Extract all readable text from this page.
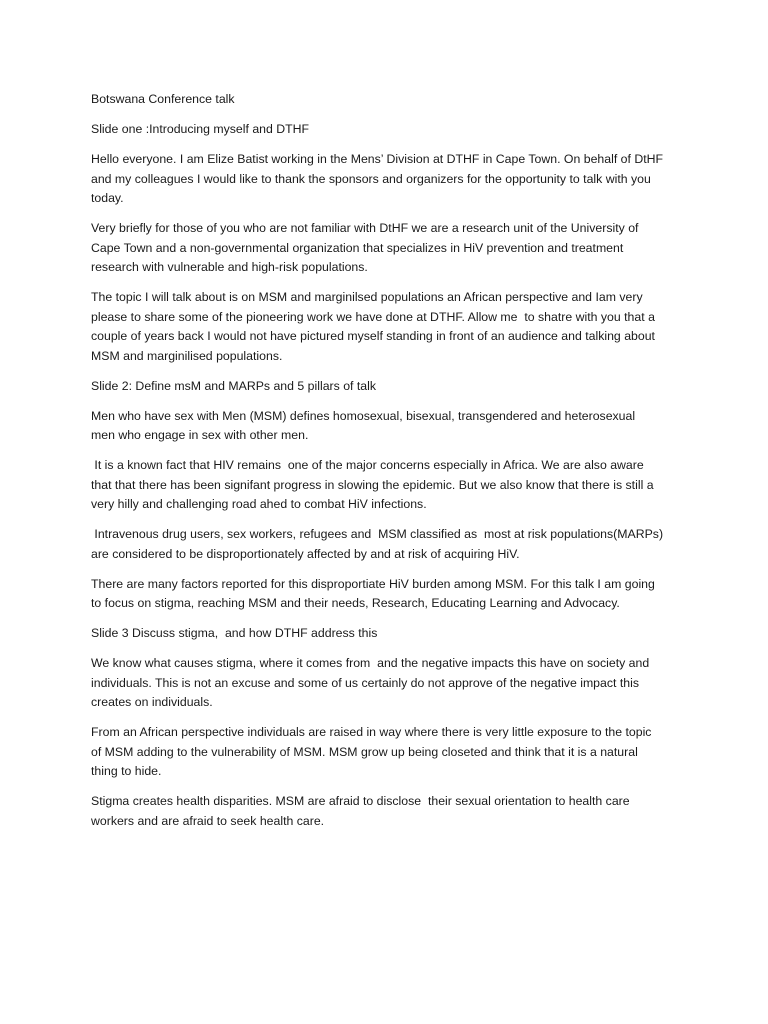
Botswana Conference talk
Slide one :Introducing myself and DTHF
Hello everyone. I am Elize Batist working in the Mens’ Division at DTHF in Cape Town. On behalf of DtHF
and my colleagues I would like to thank the sponsors and organizers for the opportunity to talk with you
today.
Very briefly for those of you who are not familiar with DtHF we are a research unit of the University of
Cape Town and a non-governmental organization that specializes in HiV prevention and treatment
research with vulnerable and high-risk populations.
The topic I will talk about is on MSM and marginilsed populations an African perspective and Iam very
please to share some of the pioneering work we have done at DTHF. Allow me  to shatre with you that a
couple of years back I would not have pictured myself standing in front of an audience and talking about
MSM and marginilised populations.
Slide 2: Define msM and MARPs and 5 pillars of talk
Men who have sex with Men (MSM) defines homosexual, bisexual, transgendered and heterosexual
men who engage in sex with other men.
It is a known fact that HIV remains  one of the major concerns especially in Africa. We are also aware
that that there has been signifant progress in slowing the epidemic. But we also know that there is still a
very hilly and challenging road ahed to combat HiV infections.
Intravenous drug users, sex workers, refugees and  MSM classified as  most at risk populations(MARPs)
are considered to be disproportionately affected by and at risk of acquiring HiV.
There are many factors reported for this disproportiate HiV burden among MSM. For this talk I am going
to focus on stigma, reaching MSM and their needs, Research, Educating Learning and Advocacy.
Slide 3 Discuss stigma,  and how DTHF address this
We know what causes stigma, where it comes from  and the negative impacts this have on society and
individuals. This is not an excuse and some of us certainly do not approve of the negative impact this
creates on individuals.
From an African perspective individuals are raised in way where there is very little exposure to the topic
of MSM adding to the vulnerability of MSM. MSM grow up being closeted and think that it is a natural
thing to hide.
Stigma creates health disparities. MSM are afraid to disclose  their sexual orientation to health care
workers and are afraid to seek health care.
